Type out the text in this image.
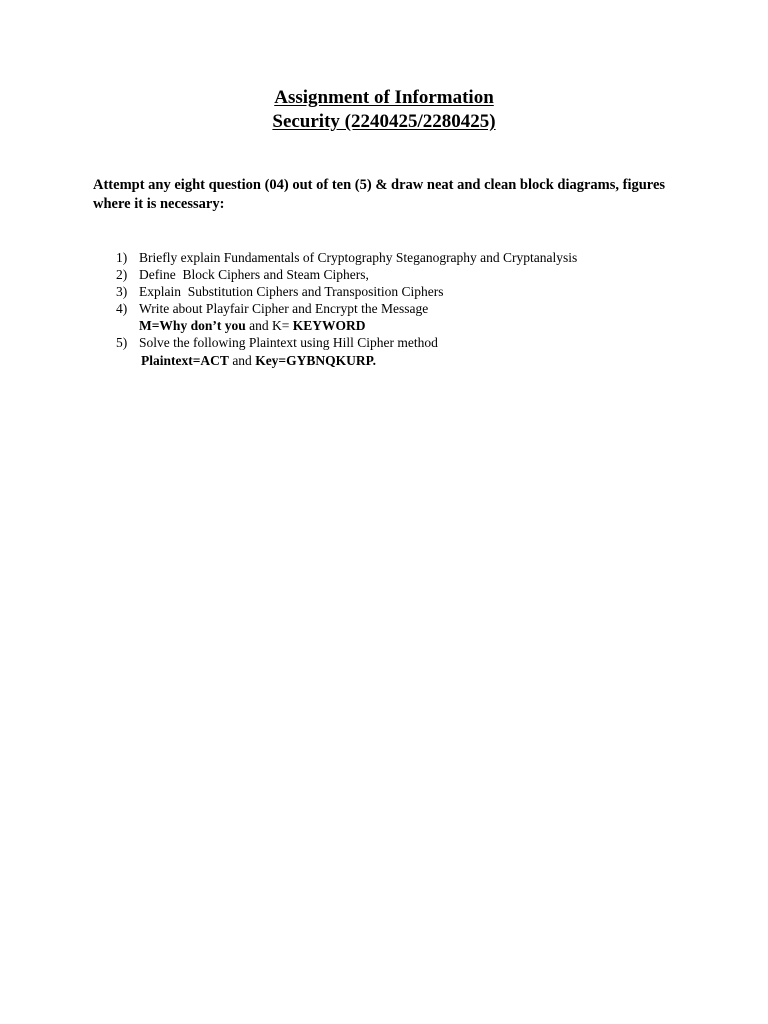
Assignment of Information
Security (2240425/2280425)
Attempt any eight question (04) out of ten (5) & draw neat and clean block diagrams, figures where it is necessary:
1) Briefly explain Fundamentals of Cryptography Steganography and Cryptanalysis
2) Define  Block Ciphers and Steam Ciphers,
3) Explain  Substitution Ciphers and Transposition Ciphers
4) Write about Playfair Cipher and Encrypt the Message
M=Why don’t you and K= KEYWORD
5) Solve the following Plaintext using Hill Cipher method
Plaintext=ACT and Key=GYBNQKURP.
